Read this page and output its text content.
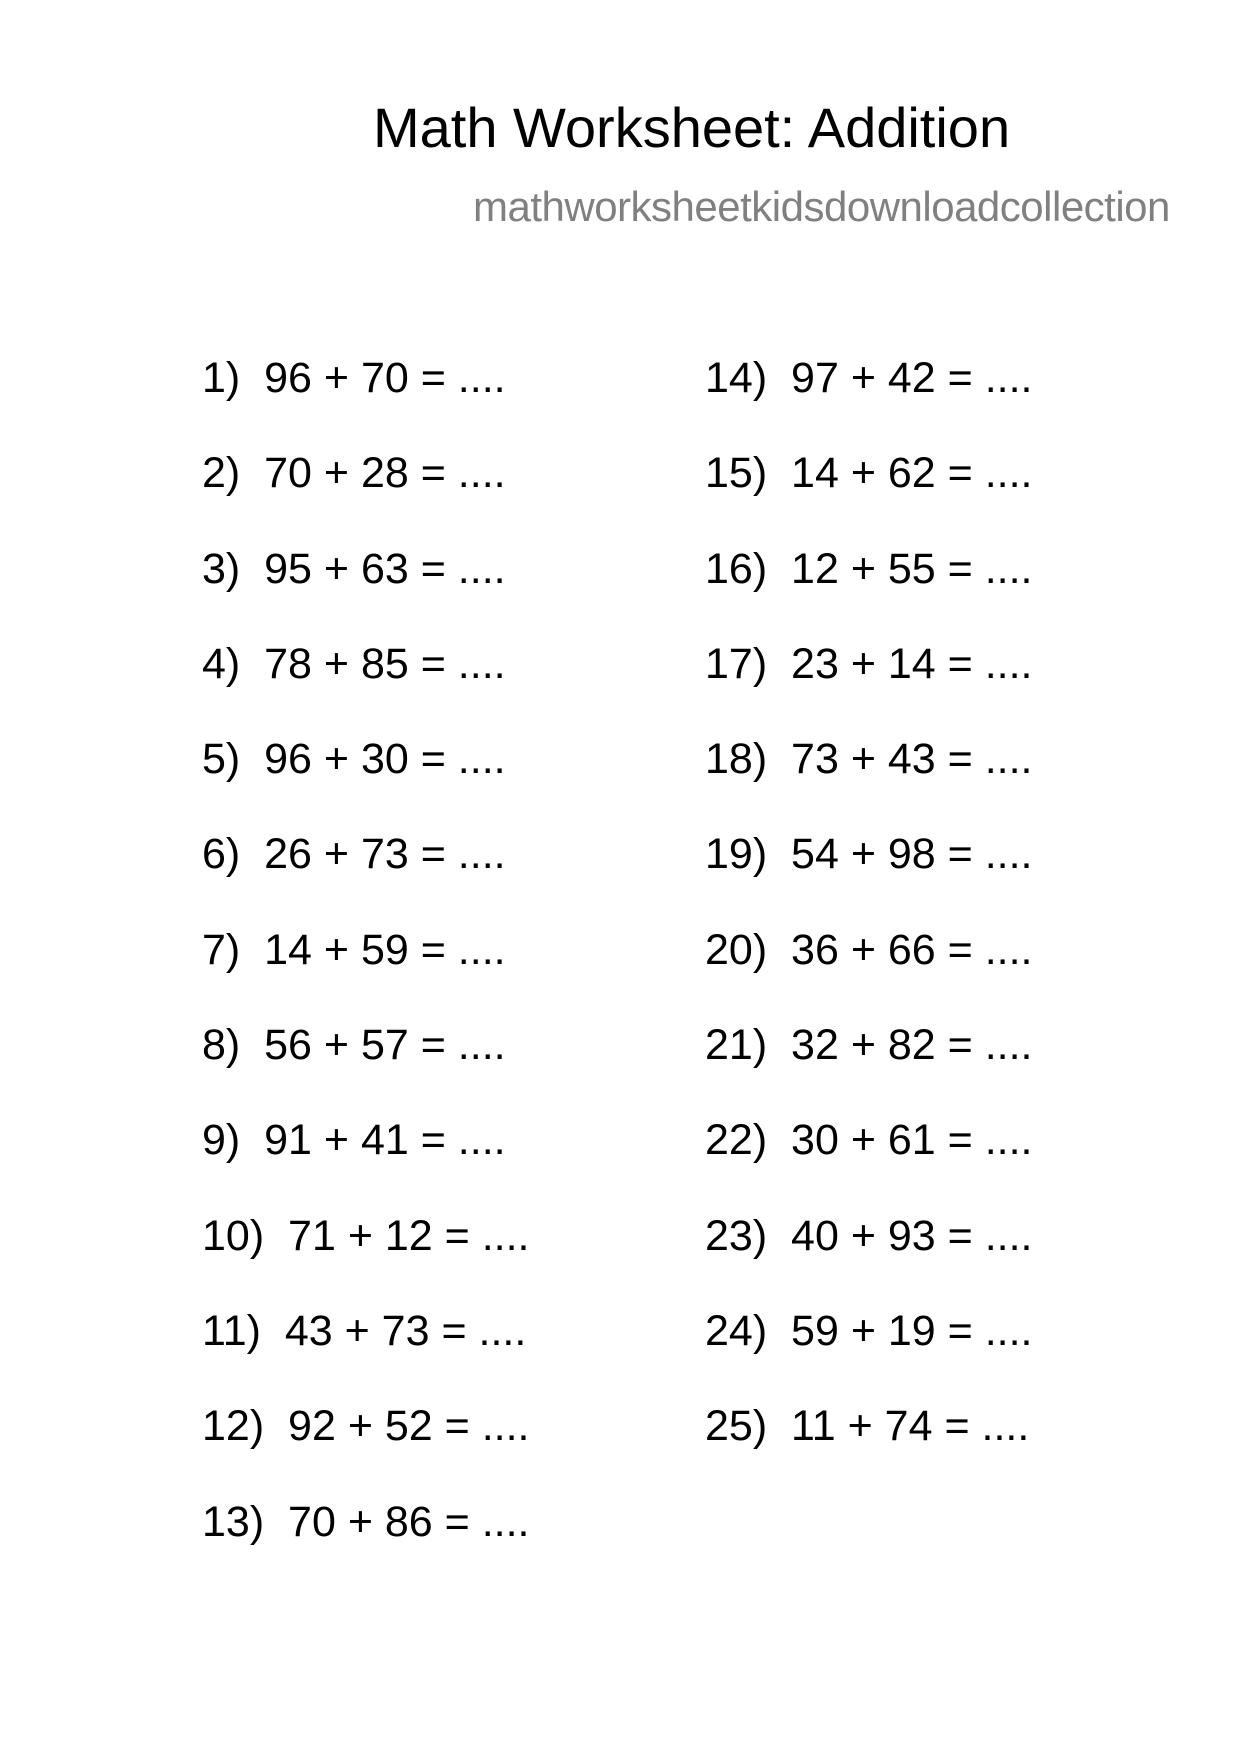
Math Worksheet: Addition
mathworksheetkidsdownloadcollection
1)  96 + 70 = ....
2)  70 + 28 = ....
3)  95 + 63 = ....
4)  78 + 85 = ....
5)  96 + 30 = ....
6)  26 + 73 = ....
7)  14 + 59 = ....
8)  56 + 57 = ....
9)  91 + 41 = ....
10)  71 + 12 = ....
11)  43 + 73 = ....
12)  92 + 52 = ....
13)  70 + 86 = ....
14)  97 + 42 = ....
15)  14 + 62 = ....
16)  12 + 55 = ....
17)  23 + 14 = ....
18)  73 + 43 = ....
19)  54 + 98 = ....
20)  36 + 66 = ....
21)  32 + 82 = ....
22)  30 + 61 = ....
23)  40 + 93 = ....
24)  59 + 19 = ....
25)  11 + 74 = ....
